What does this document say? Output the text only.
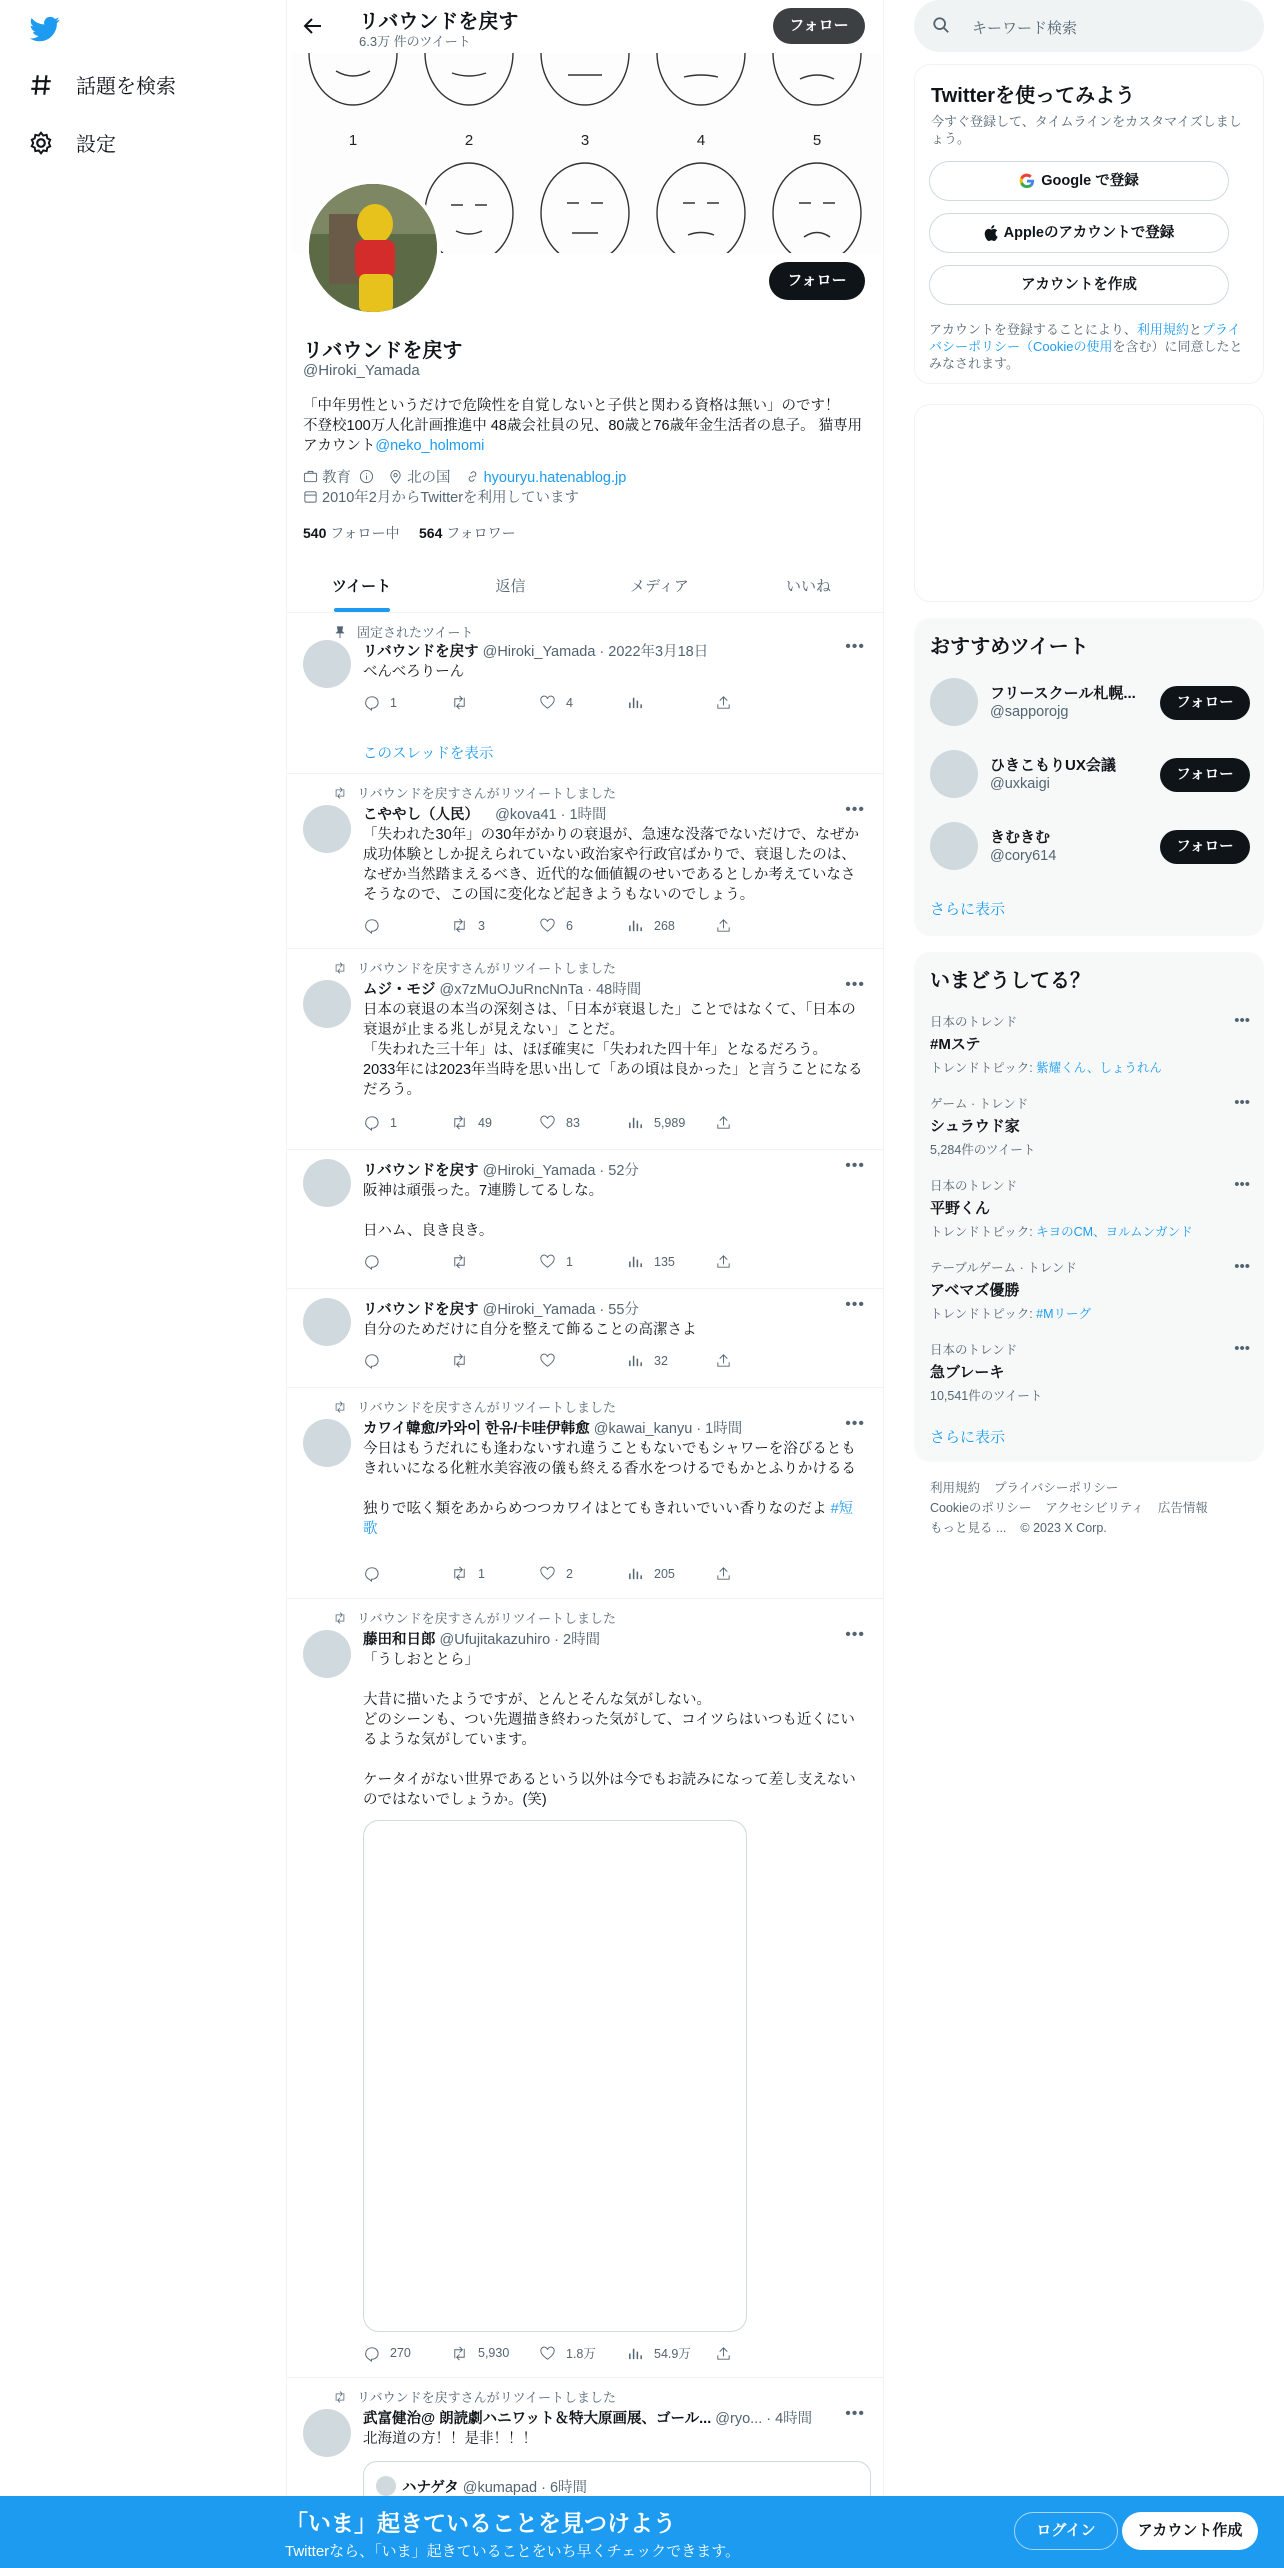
話題を検索
設定
リバウンドを戻す
6.3万 件のツイート
フォロー
1	2	3	4	5
フォロー
リバウンドを戻す
@Hiroki_Yamada
「中年男性というだけで危険性を自覚しないと子供と関わる資格は無い」のです！
不登校100万人化計画推進中 48歳会社員の兄、80歳と76歳年金生活者の息子。 猫専用アカウント@neko_holmomi
教育	北の国 hyouryu.hatenablog.jp
2010年2月からTwitterを利用しています
540 フォロー中 564 フォロワー
ツイート	返信	メディア	いいね
固定されたツイート
リバウンドを戻す @Hiroki_Yamada · 2022年3月18日	•••
べんべろりーん
1	4
このスレッドを表示
リバウンドを戻すさんがリツイートしました
こややし（人民） @kova41 · 1時間	•••
「失われた30年」の30年がかりの衰退が、急速な没落でないだけで、なぜか成功体験としか捉えられていない政治家や行政官ばかりで、衰退したのは、なぜか当然踏まえるべき、近代的な価値観のせいであるとしか考えていなさそうなので、この国に変化など起きようもないのでしょう。
3	6	268
リバウンドを戻すさんがリツイートしました
ムジ・モジ @x7zMuOJuRncNnTa · 48時間	•••
日本の衰退の本当の深刻さは、「日本が衰退した」ことではなくて、「日本の衰退が止まる兆しが見えない」ことだ。
「失われた三十年」は、ほぼ確実に「失われた四十年」となるだろう。
2033年には2023年当時を思い出して「あの頃は良かった」と言うことになるだろう。
1	49	83	5,989
リバウンドを戻す @Hiroki_Yamada · 52分	•••
阪神は頑張った。7連勝してるしな。

日ハム、良き良き。
1	135
リバウンドを戻す @Hiroki_Yamada · 55分	•••
自分のためだけに自分を整えて飾ることの高潔さよ
32
リバウンドを戻すさんがリツイートしました
カワイ韓愈/카와이 한유/卡哇伊韩愈 @kawai_kanyu · 1時間	•••
今日はもうだれにも逢わないすれ違うこともないでもシャワーを浴びるともきれいになる化粧水美容液の儀も終える香水をつけるでもかとふりかけるる

独りで呟く類をあからめつつカワイはとてもきれいでいい香りなのだよ #短歌
1	2	205
リバウンドを戻すさんがリツイートしました
藤田和日郎 @Ufujitakazuhiro · 2時間	•••
「うしおととら」

大昔に描いたようですが、とんとそんな気がしない。
どのシーンも、つい先週描き終わった気がして、コイツらはいつも近くにいるような気がしています。

ケータイがない世界であるという以外は今でもお読みになって差し支えないのではないでしょうか。(笑)
270	5,930	1.8万	54.9万
リバウンドを戻すさんがリツイートしました
武富健治@ 朗読劇ハニワット＆特大原画展、ゴール... @ryo... · 4時間	•••
北海道の方！！是非！！！
ハナゲタ @kumapad · 6時間
キーワード検索
Twitterを使ってみよう
今すぐ登録して、タイムラインをカスタマイズしましょう。
Google で登録
Appleのアカウントで登録
アカウントを作成
アカウントを登録することにより、利用規約とプライバシーポリシー（Cookieの使用を含む）に同意したとみなされます。
おすすめツイート
フリースクール札幌...
@sapporojg
フォロー
ひきこもりUX会議
@uxkaigi
フォロー
きむきむ
@cory614
フォロー
さらに表示
いまどうしてる？
日本のトレンド
#Mステ
トレンドトピック: 紫耀くん、しょうれん
•••
ゲーム · トレンド
シュラウド家
5,284件のツイート
•••
日本のトレンド
平野くん
トレンドトピック: キヨのCM、ヨルムンガンド
•••
テーブルゲーム · トレンド
アベマズ優勝
トレンドトピック: #Mリーグ
•••
日本のトレンド
急ブレーキ
10,541件のツイート
•••
さらに表示
利用規約 プライバシーポリシー
Cookieのポリシー アクセシビリティ 広告情報
もっと見る ... © 2023 X Corp.
「いま」起きていることを見つけよう
Twitterなら、「いま」起きていることをいち早くチェックできます。
ログイン	アカウント作成
